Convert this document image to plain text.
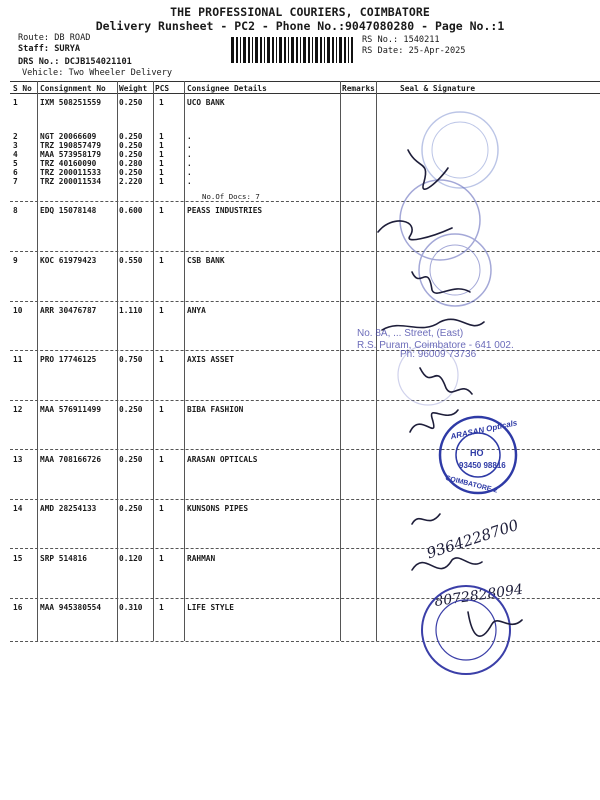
THE PROFESSIONAL COURIERS, COIMBATORE
Delivery Runsheet - PC2 - Phone No.:9047080280 - Page No.:1
Route: DB ROAD
Staff: SURYA
DRS No.: DCJB154021101
Vehicle: Two Wheeler Delivery
RS No.: 1540211
RS Date: 25-Apr-2025
S No Consignment No Weight PCS Consignee Details	Remarks	Seal & Signature
1	IXM 508251559 0.250 1	UCO BANK
2	NGT 20066609	0.250 1	.
3	TRZ 190857479 0.250 1	.
4	MAA 573958179 0.250 1	.
5	TRZ 40160090	0.280 1	.
6	TRZ 200011533 0.250 1	.
7	TRZ 200011534 2.220 1	.
No.Of Docs: 7
8	EDQ 15078148	0.600 1	PEASS INDUSTRIES
9	KOC 61979423	0.550 1	CSB BANK
10 ARR 30476787	1.110 1	ANYA
11 PRO 17746125	0.750 1	AXIS ASSET
12 MAA 576911499 0.250 1	BIBA FASHION
13 MAA 708166726 0.250 1	ARASAN OPTICALS
14 AMD 28254133	0.250 1	KUNSONS PIPES
15 SRP 514816	0.120 1	RAHMAN
16 MAA 945380554 0.310 1	LIFE STYLE
No. 8A, ... Street, (East)
R.S. Puram, Coimbatore - 641 002.
Ph: 96009 73736
ARASAN Opticals
HO
93450 98816
COIMBATORE-2
9364228700
8072828094
